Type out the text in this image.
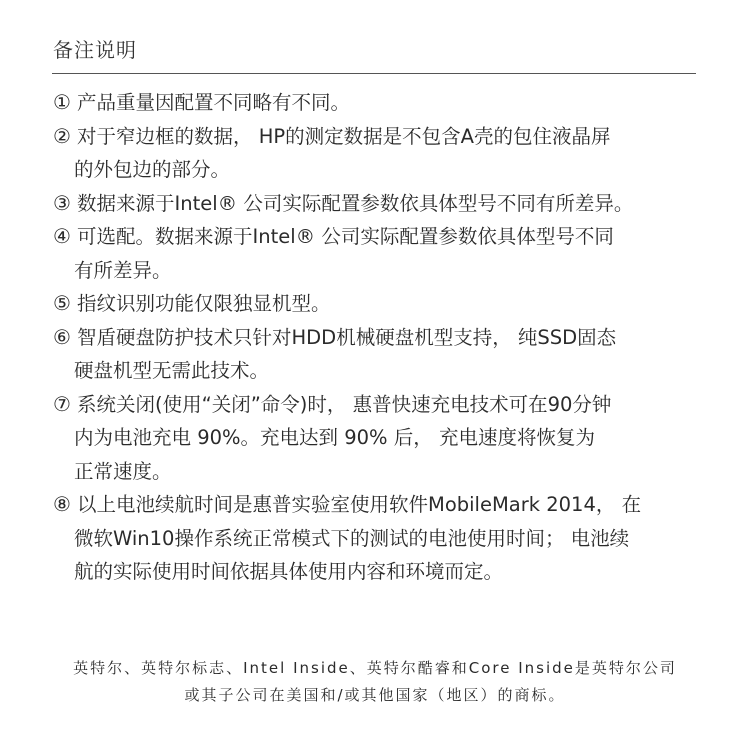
备注说明
① 产品重量因配置不同略有不同。
② 对于窄边框的数据， HP的测定数据是不包含A壳的包住液晶屏
的外包边的部分。
③ 数据来源于Intel® 公司实际配置参数依具体型号不同有所差异。
④ 可选配。数据来源于Intel® 公司实际配置参数依具体型号不同
有所差异。
⑤ 指纹识别功能仅限独显机型。
⑥ 智盾硬盘防护技术只针对HDD机械硬盘机型支持， 纯SSD固态
硬盘机型无需此技术。
⑦ 系统关闭(使用“关闭”命令)时， 惠普快速充电技术可在90分钟
内为电池充电 90%。充电达到 90% 后， 充电速度将恢复为
正常速度。
⑧ 以上电池续航时间是惠普实验室使用软件MobileMark 2014， 在
微软Win10操作系统正常模式下的测试的电池使用时间； 电池续
航的实际使用时间依据具体使用内容和环境而定。
英特尔、英特尔标志、Intel Inside、英特尔酷睿和Core Inside是英特尔公司
或其子公司在美国和/或其他国家（地区）的商标。
